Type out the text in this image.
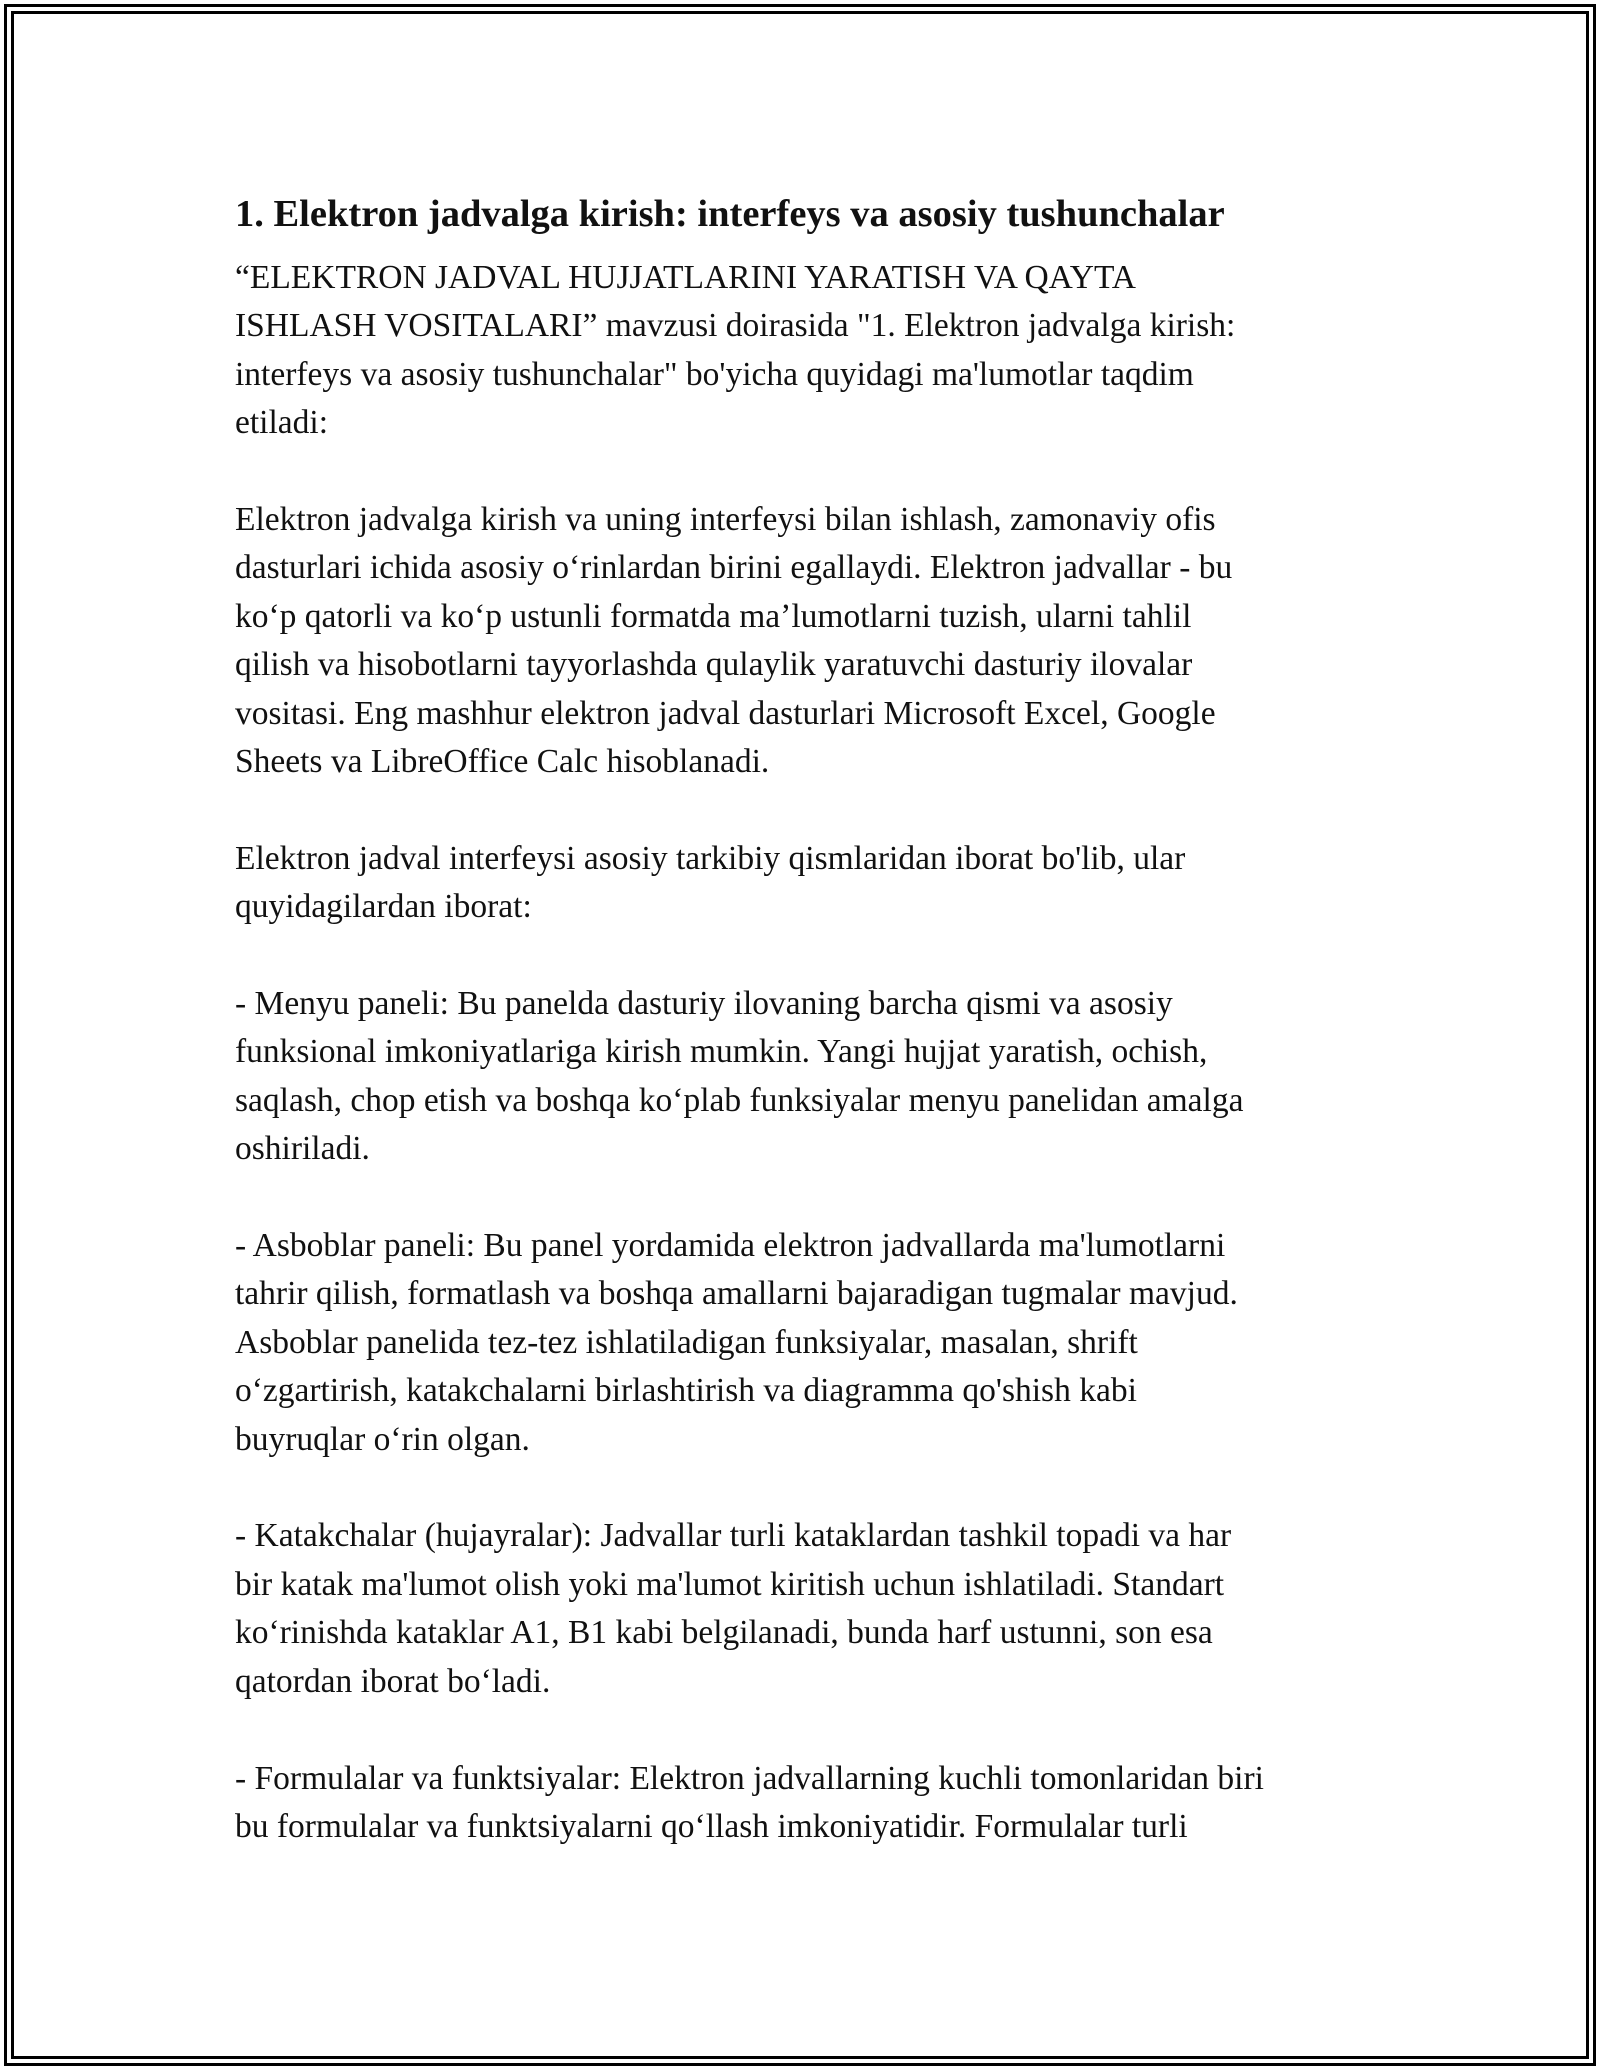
1. Elektron jadvalga kirish: interfeys va asosiy tushunchalar
“ELEKTRON JADVAL HUJJATLARINI YARATISH VA QAYTA
ISHLASH VOSITALARI” mavzusi doirasida "1. Elektron jadvalga kirish:
interfeys va asosiy tushunchalar" bo'yicha quyidagi ma'lumotlar taqdim
etiladi:
Elektron jadvalga kirish va uning interfeysi bilan ishlash, zamonaviy ofis
dasturlari ichida asosiy oʻrinlardan birini egallaydi. Elektron jadvallar - bu
koʻp qatorli va koʻp ustunli formatda maʼlumotlarni tuzish, ularni tahlil
qilish va hisobotlarni tayyorlashda qulaylik yaratuvchi dasturiy ilovalar
vositasi. Eng mashhur elektron jadval dasturlari Microsoft Excel, Google
Sheets va LibreOffice Calc hisoblanadi.
Elektron jadval interfeysi asosiy tarkibiy qismlaridan iborat bo'lib, ular
quyidagilardan iborat:
- Menyu paneli: Bu panelda dasturiy ilovaning barcha qismi va asosiy
funksional imkoniyatlariga kirish mumkin. Yangi hujjat yaratish, ochish,
saqlash, chop etish va boshqa koʻplab funksiyalar menyu panelidan amalga
oshiriladi.
- Asboblar paneli: Bu panel yordamida elektron jadvallarda ma'lumotlarni
tahrir qilish, formatlash va boshqa amallarni bajaradigan tugmalar mavjud.
Asboblar panelida tez-tez ishlatiladigan funksiyalar, masalan, shrift
oʻzgartirish, katakchalarni birlashtirish va diagramma qo'shish kabi
buyruqlar oʻrin olgan.
- Katakchalar (hujayralar): Jadvallar turli kataklardan tashkil topadi va har
bir katak ma'lumot olish yoki ma'lumot kiritish uchun ishlatiladi. Standart
koʻrinishda kataklar A1, B1 kabi belgilanadi, bunda harf ustunni, son esa
qatordan iborat boʻladi.
- Formulalar va funktsiyalar: Elektron jadvallarning kuchli tomonlaridan biri
bu formulalar va funktsiyalarni qoʻllash imkoniyatidir. Formulalar turli
